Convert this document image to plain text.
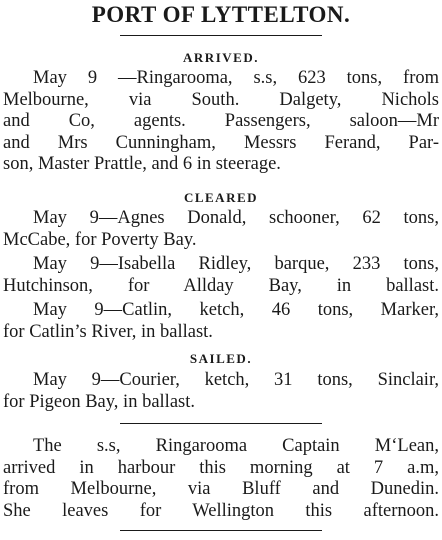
PORT OF LYTTELTON.
ARRIVED.
May 9 —Ringarooma, s.s, 623 tons, from
Melbourne, via South. Dalgety, Nichols
and Co, agents. Passengers, saloon—Mr
and Mrs Cunningham, Messrs Ferand, Par-
son, Master Prattle, and 6 in steerage.
CLEARED
May 9—Agnes Donald, schooner, 62 tons,
McCabe, for Poverty Bay.
May 9—Isabella Ridley, barque, 233 tons,
Hutchinson, for Allday Bay, in ballast.
May 9—Catlin, ketch, 46 tons, Marker,
for Catlin’s River, in ballast.
SAILED.
May 9—Courier, ketch, 31 tons, Sinclair,
for Pigeon Bay, in ballast.
The s.s, Ringarooma Captain M‘Lean,
arrived in harbour this morning at 7 a.m,
from Melbourne, via Bluff and Dunedin.
She leaves for Wellington this afternoon.
